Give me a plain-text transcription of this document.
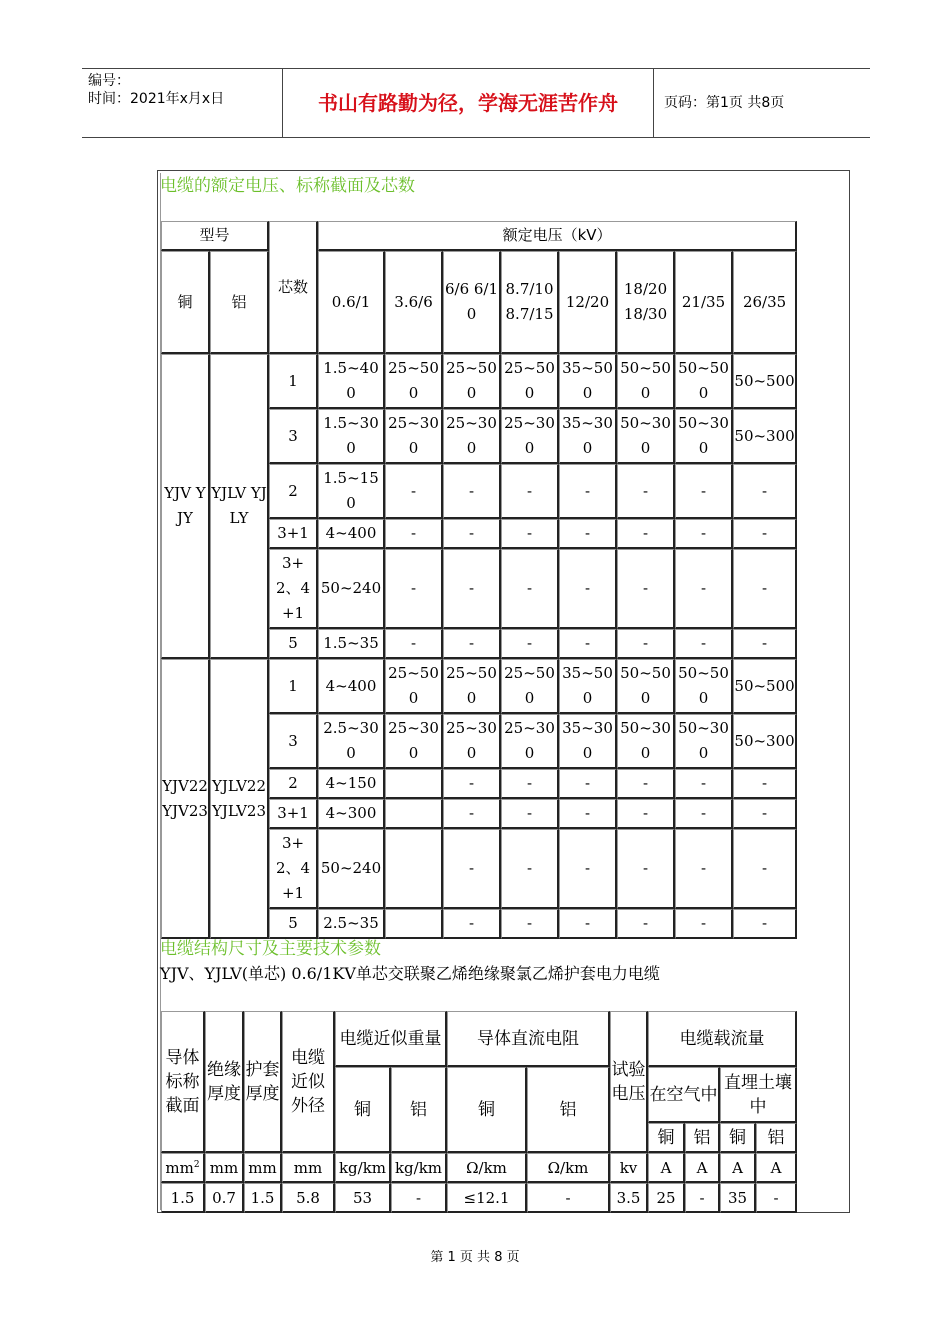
编号：
时间：2021年x月x日	书山有路勤为径，学海无涯苦作舟	页码：第1页 共8页
电缆的额定电压、标称截面及芯数
型号		芯数	额定电压（kV）							
铜	铝		0.6/1	3.6/6	6/6 6/10	8.7/10 8.7/15	12/20	18/20 18/30	21/35	26/35
YJV YJY	YJLV YJLY	1	1.5~400	25~500	25~500	25~500	35~500	50~500	50~500	50~500
		3	1.5~300	25~300	25~300	25~300	35~300	50~300	50~300	50~300
		2	1.5~150	-	-	-	-	-	-	-
		3+1	4~400	-	-	-	-	-	-	-
		3+2、4+1	50~240	-	-	-	-	-	-	-
		5	1.5~35	-	-	-	-	-	-	-
YJV22 YJV23	YJLV22 YJLV23	1	4~400	25~500	25~500	25~500	35~500	50~500	50~500	50~500
		3	2.5~300	25~300	25~300	25~300	35~300	50~300	50~300	50~300
		2	4~150		-	-	-	-	-	-
		3+1	4~300		-	-	-	-	-	-
		3+2、4+1	50~240		-	-	-	-	-	-
		5	2.5~35		-	-	-	-	-	-
电缆结构尺寸及主要技术参数
YJV、YJLV(单芯) 0.6/1KV单芯交联聚乙烯绝缘聚氯乙烯护套电力电缆
导体标称截面	绝缘厚度	护套厚度	电缆近似外径	电缆近似重量		导体直流电阻		试验电压	电缆载流量			
				铜	铝	铜	铝		在空气中		直埋土壤中	
									铜	铝	铜	铝
$mm^2$	mm	mm	mm	kg/km	kg/km	Ω/km	Ω/km	kv	A	A	A	A
1.5	0.7	1.5	5.8	53	-	≤12.1	-	3.5	25	-	35	-
第 1 页 共 8 页
